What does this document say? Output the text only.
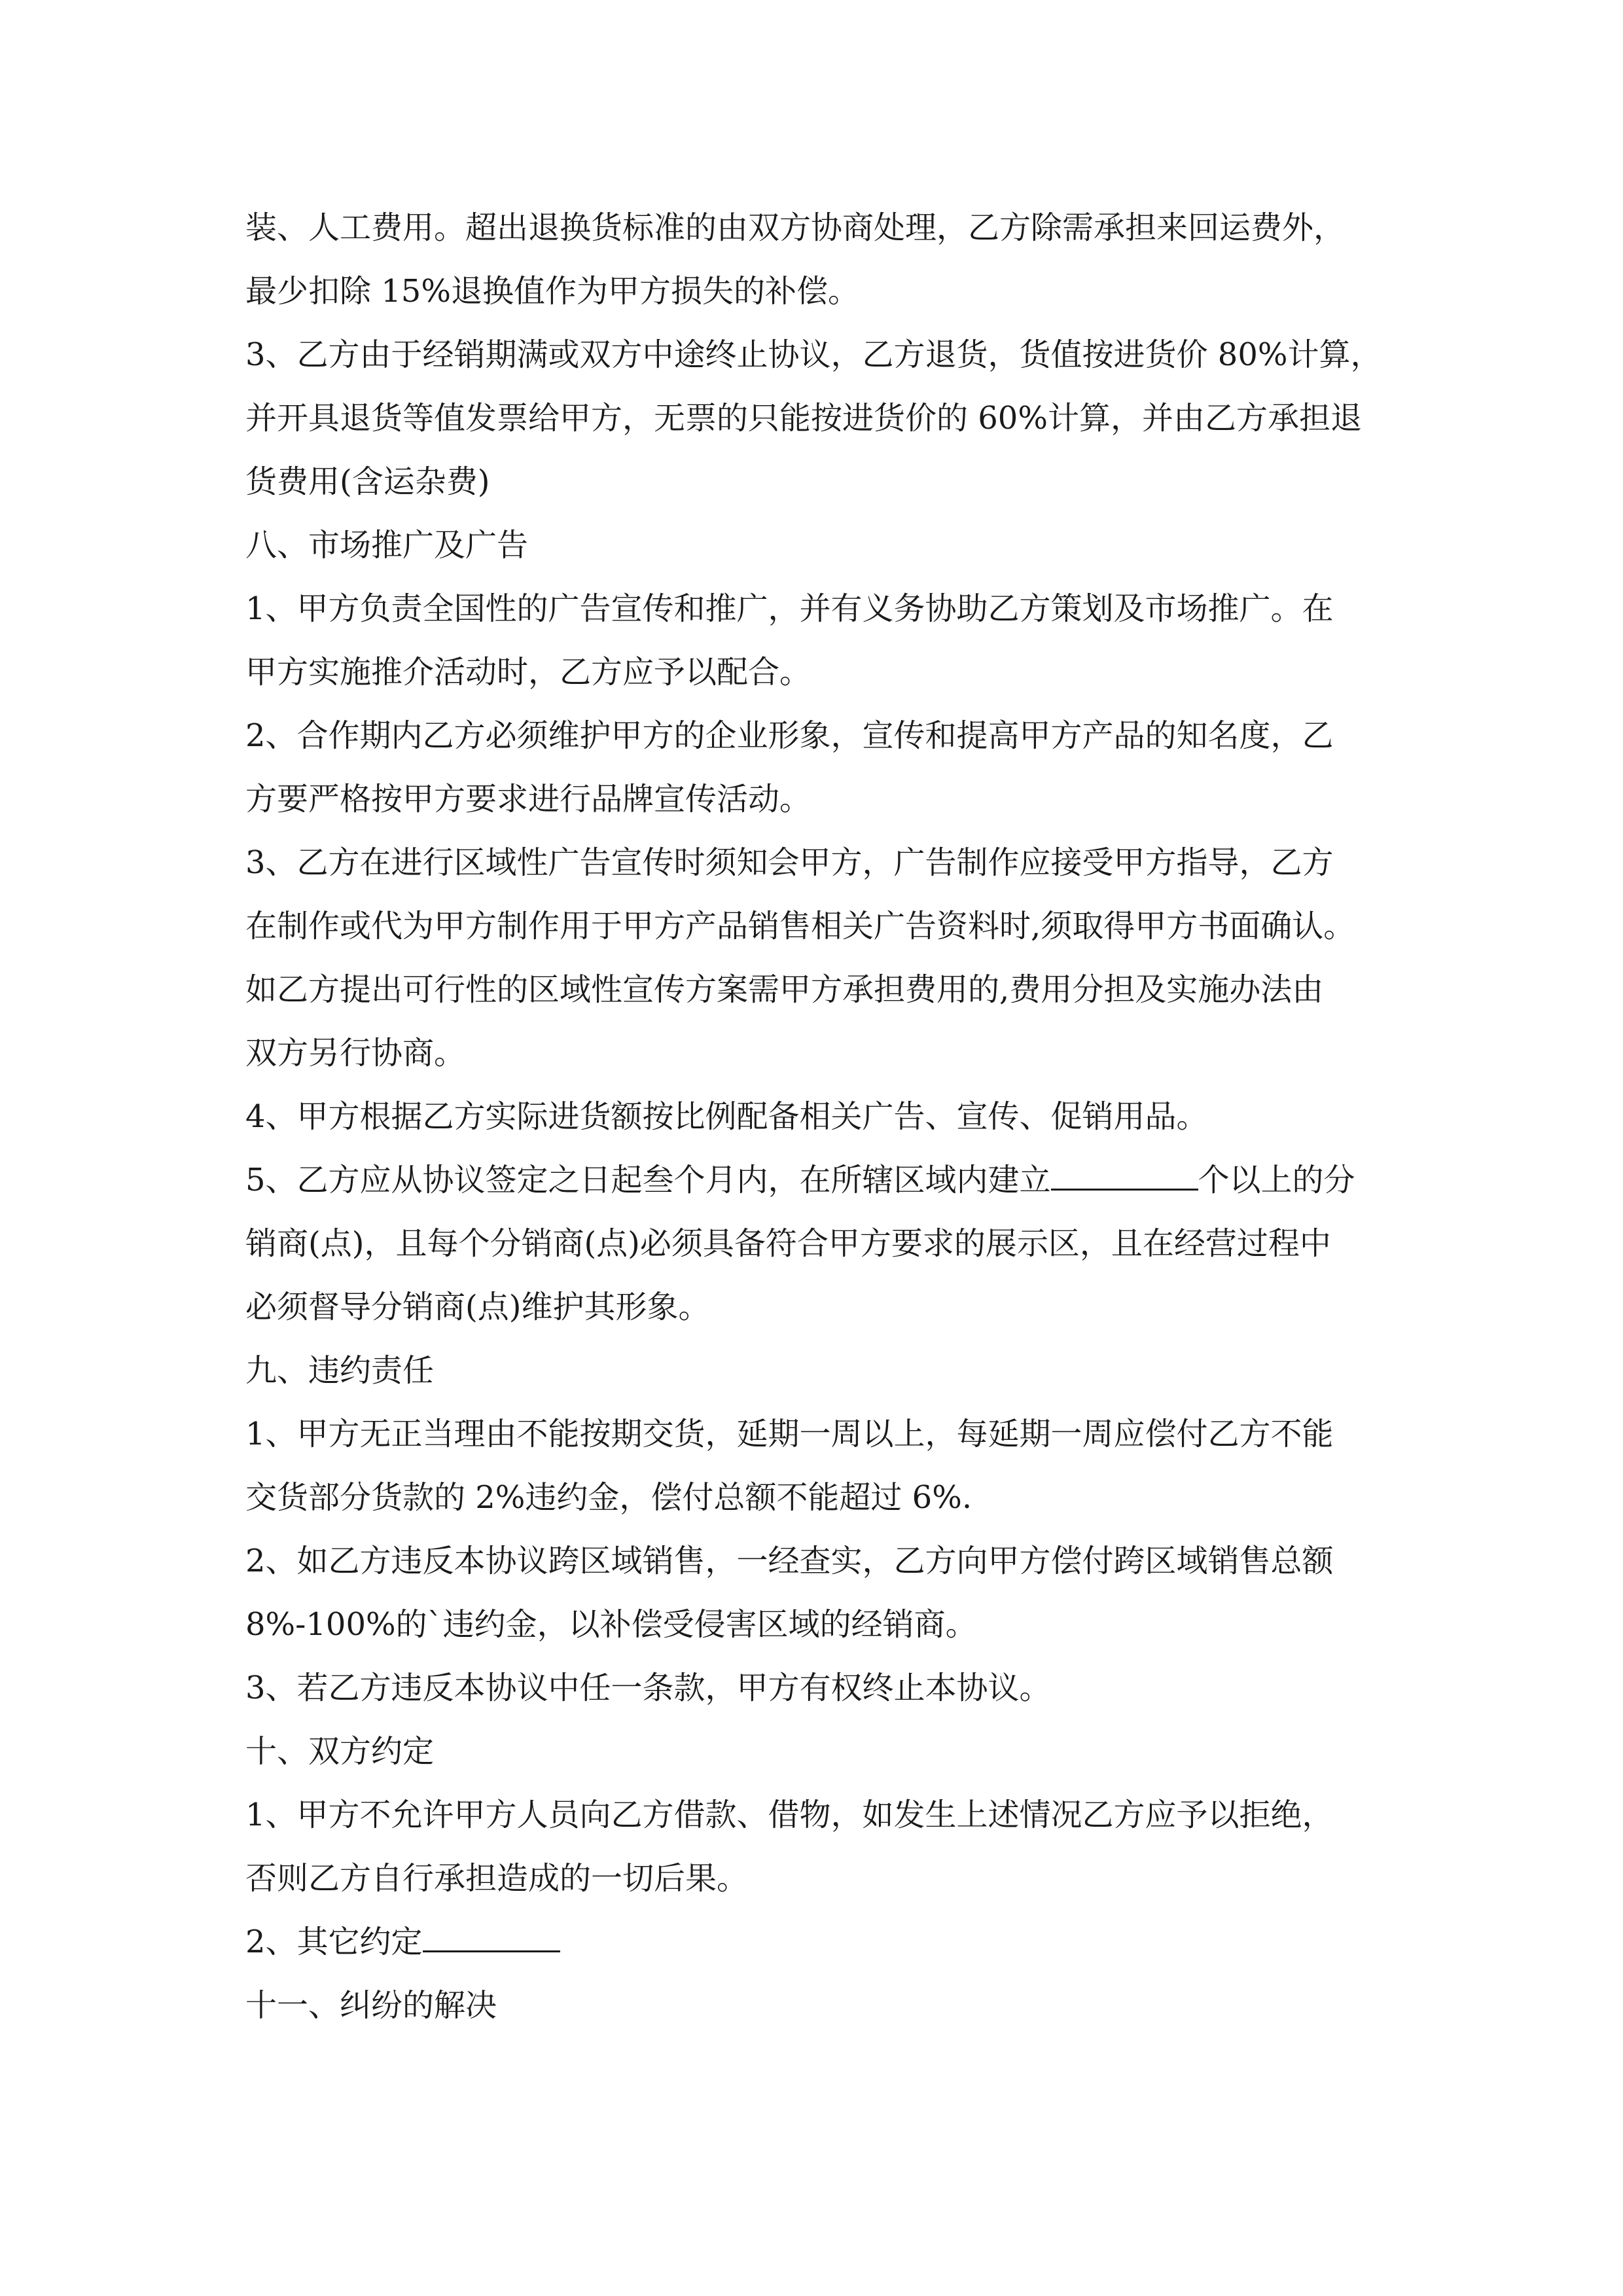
装、人工费用。超出退换货标准的由双方协商处理，乙方除需承担来回运费外，
最少扣除 15%退换值作为甲方损失的补偿。
3、乙方由于经销期满或双方中途终止协议，乙方退货，货值按进货价 80%计算，
并开具退货等值发票给甲方，无票的只能按进货价的 60%计算，并由乙方承担退
货费用(含运杂费)
八、市场推广及广告
1、甲方负责全国性的广告宣传和推广，并有义务协助乙方策划及市场推广。在
甲方实施推介活动时，乙方应予以配合。
2、合作期内乙方必须维护甲方的企业形象，宣传和提高甲方产品的知名度，乙
方要严格按甲方要求进行品牌宣传活动。
3、乙方在进行区域性广告宣传时须知会甲方，广告制作应接受甲方指导，乙方
在制作或代为甲方制作用于甲方产品销售相关广告资料时,须取得甲方书面确认。
如乙方提出可行性的区域性宣传方案需甲方承担费用的,费用分担及实施办法由
双方另行协商。
4、甲方根据乙方实际进货额按比例配备相关广告、宣传、促销用品。
5、乙方应从协议签定之日起叁个月内，在所辖区域内建立	个以上的分
销商(点)，且每个分销商(点)必须具备符合甲方要求的展示区，且在经营过程中
必须督导分销商(点)维护其形象。
九、违约责任
1、甲方无正当理由不能按期交货，延期一周以上，每延期一周应偿付乙方不能
交货部分货款的 2%违约金，偿付总额不能超过 6%.
2、如乙方违反本协议跨区域销售，一经查实，乙方向甲方偿付跨区域销售总额
8%-100%的`违约金，以补偿受侵害区域的经销商。
3、若乙方违反本协议中任一条款，甲方有权终止本协议。
十、双方约定
1、甲方不允许甲方人员向乙方借款、借物，如发生上述情况乙方应予以拒绝，
否则乙方自行承担造成的一切后果。
2、其它约定
十一、纠纷的解决
